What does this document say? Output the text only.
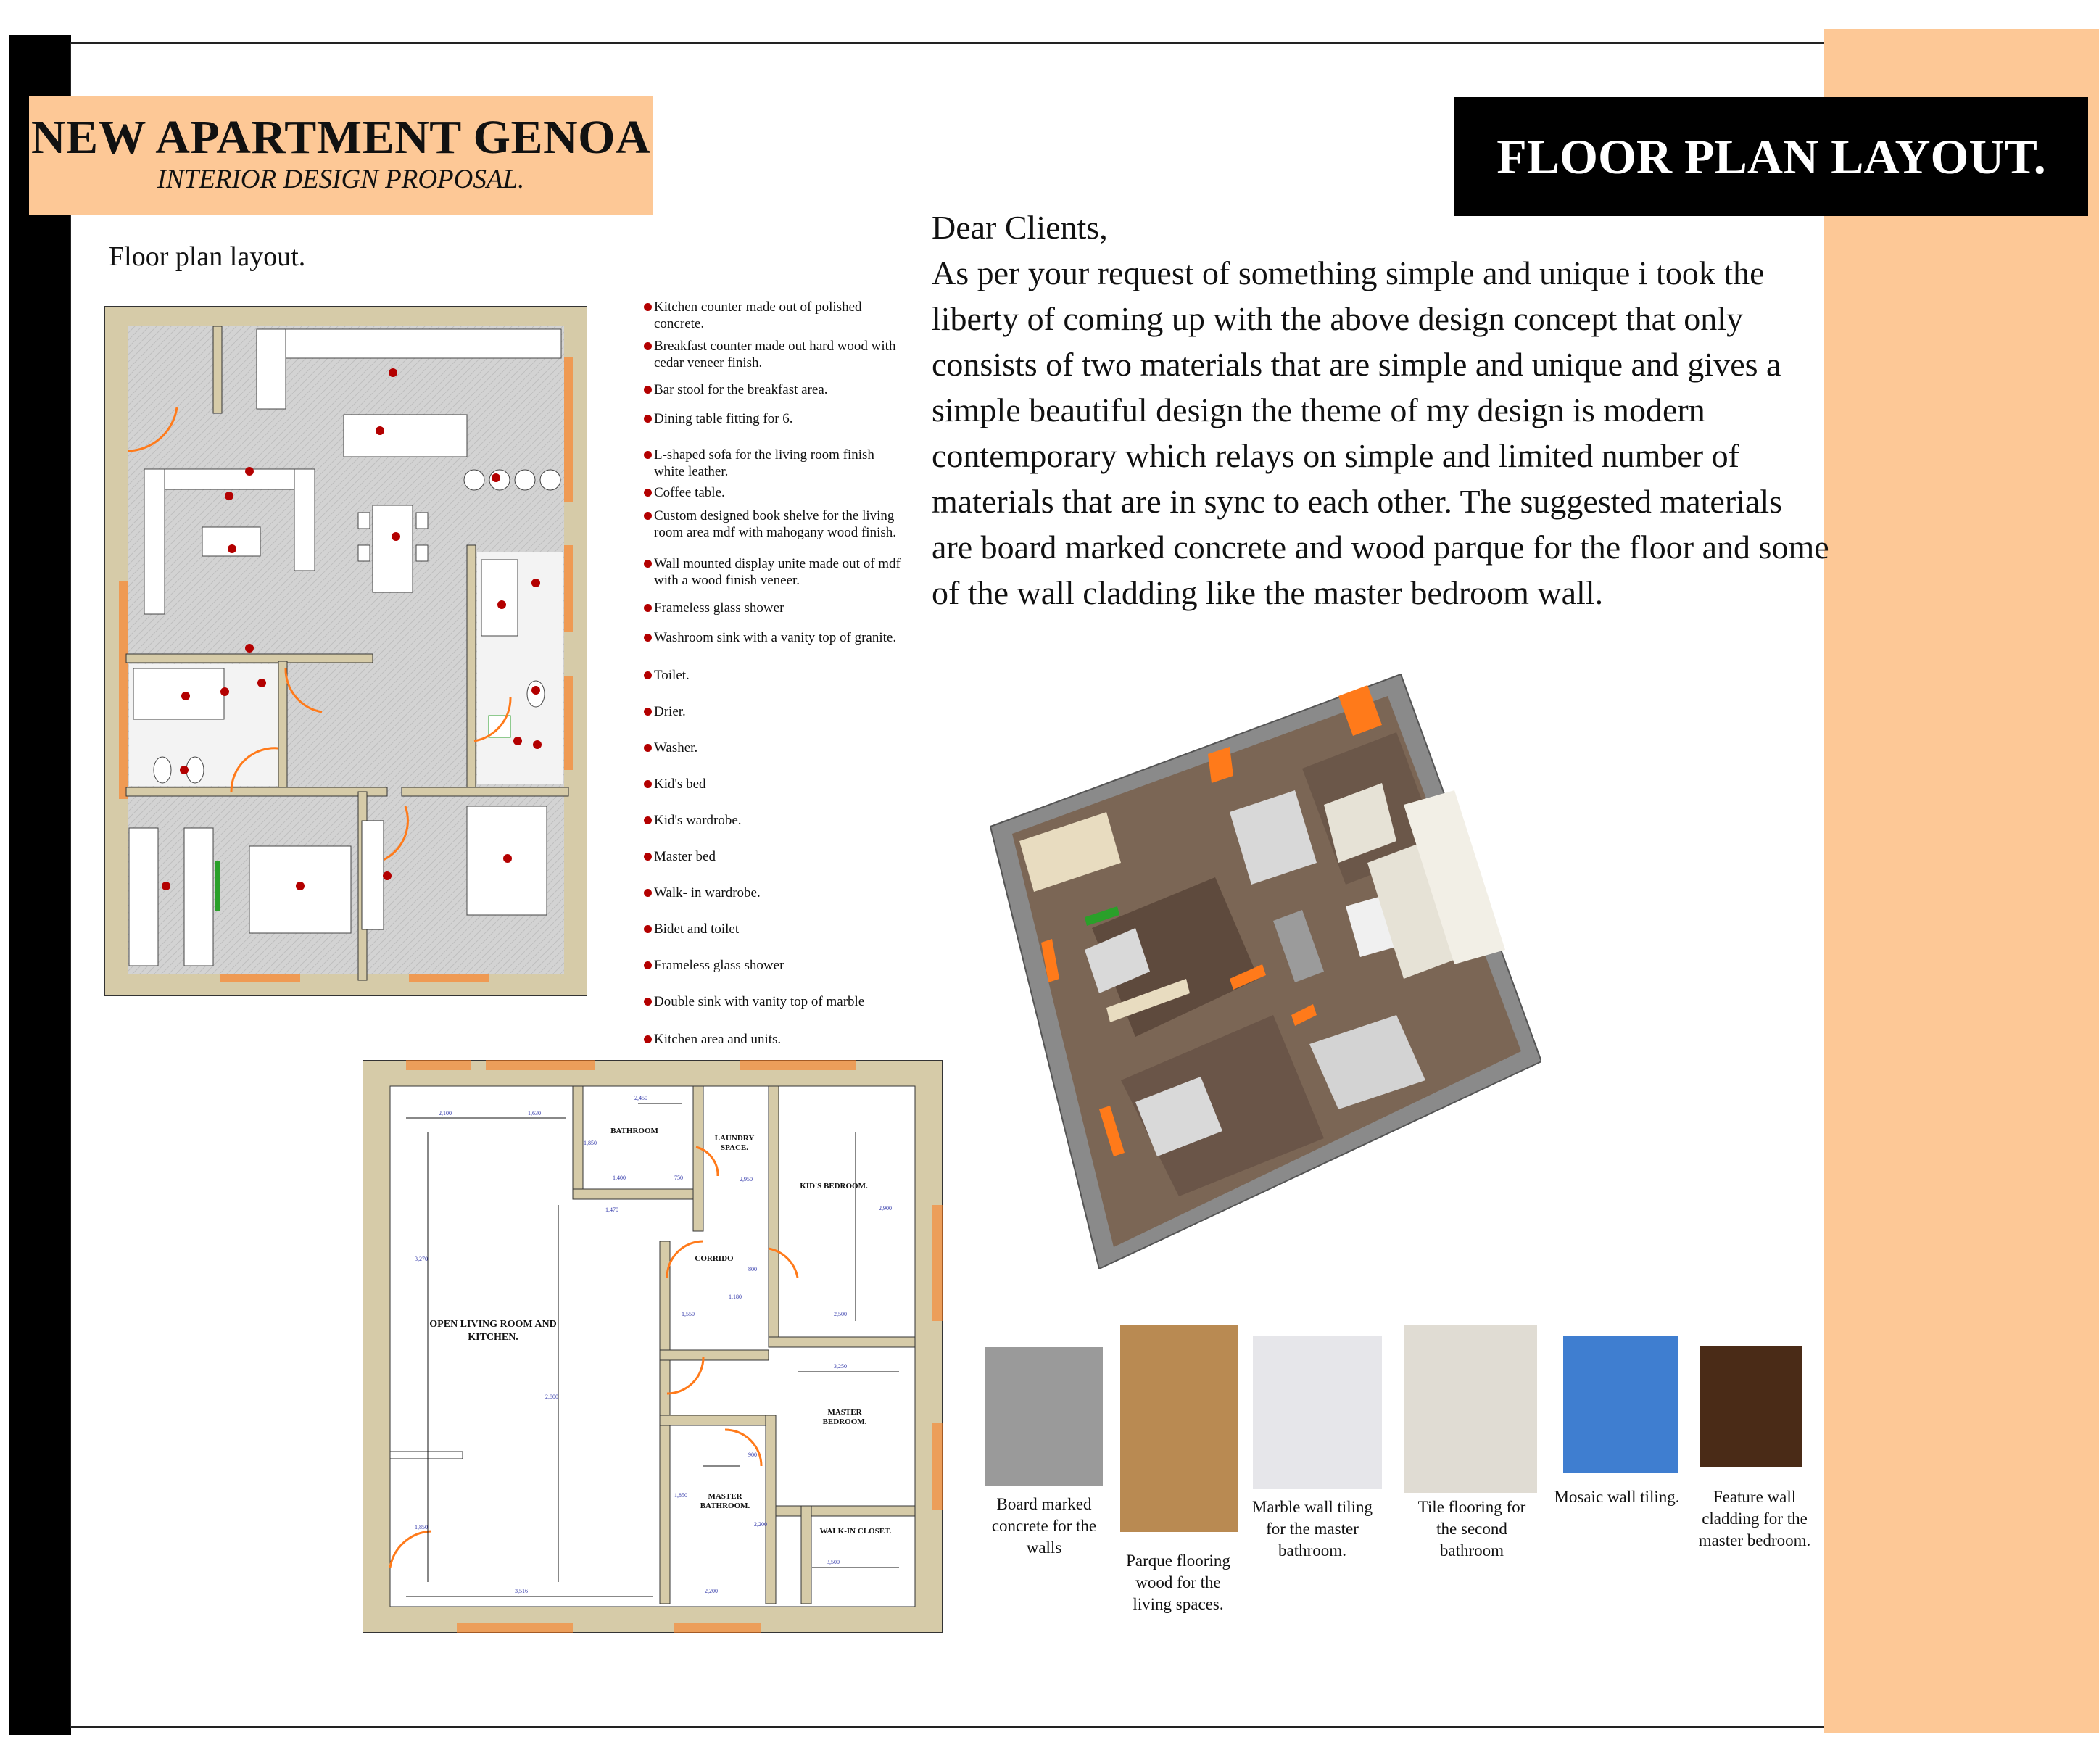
NEW APARTMENT GENOA
INTERIOR DESIGN PROPOSAL.	FLOOR PLAN LAYOUT.
Floor plan layout.
Kitchen counter made out of polished concrete.
Breakfast counter made out hard wood with cedar veneer finish.
Bar stool for the breakfast area.
Dining table fitting for 6.
L-shaped sofa for the living room finish white leather.
Coffee table.
Custom designed book shelve for the living room area mdf with mahogany wood finish.
Wall mounted display unite made out of mdf with a wood finish veneer.
Frameless glass shower
Washroom sink with a vanity top of granite.
Toilet.
Drier.
Washer.
Kid's bed
Kid's wardrobe.
Master bed
Walk- in wardrobe.
Bidet and toilet
Frameless glass shower
Double sink with vanity top of marble
Kitchen area and units.
Dear Clients,
As per your request of something simple and unique i took the liberty of coming up with the above design concept that only consists of two materials that are simple and unique and gives a simple beautiful design the theme of my design is modern contemporary which relays on simple and limited number of materials that are in sync to each other. The suggested materials are board marked concrete and wood parque for the floor and some of the wall cladding like the master bedroom wall.
BATHROOM
LAUNDRY SPACE.
KID'S BEDROOM.
CORRIDO
OPEN LIVING ROOM AND KITCHEN.
MASTER BEDROOM.
MASTER BATHROOM.
WALK-IN CLOSET.
2,100	1,630
2,450
1,850
1,400	750
1,470
2,950
2,900
3,270
2,800
1,180
2,500
3,250
3,516
1,850
2,200
1,850
2,200
800
900
1,550
3,500
Board marked concrete for the walls
Parque flooring wood for the living spaces.
Marble wall tiling for the master bathroom.
Tile flooring for the second bathroom
Mosaic wall tiling.	Feature wall cladding for the master bedroom.
